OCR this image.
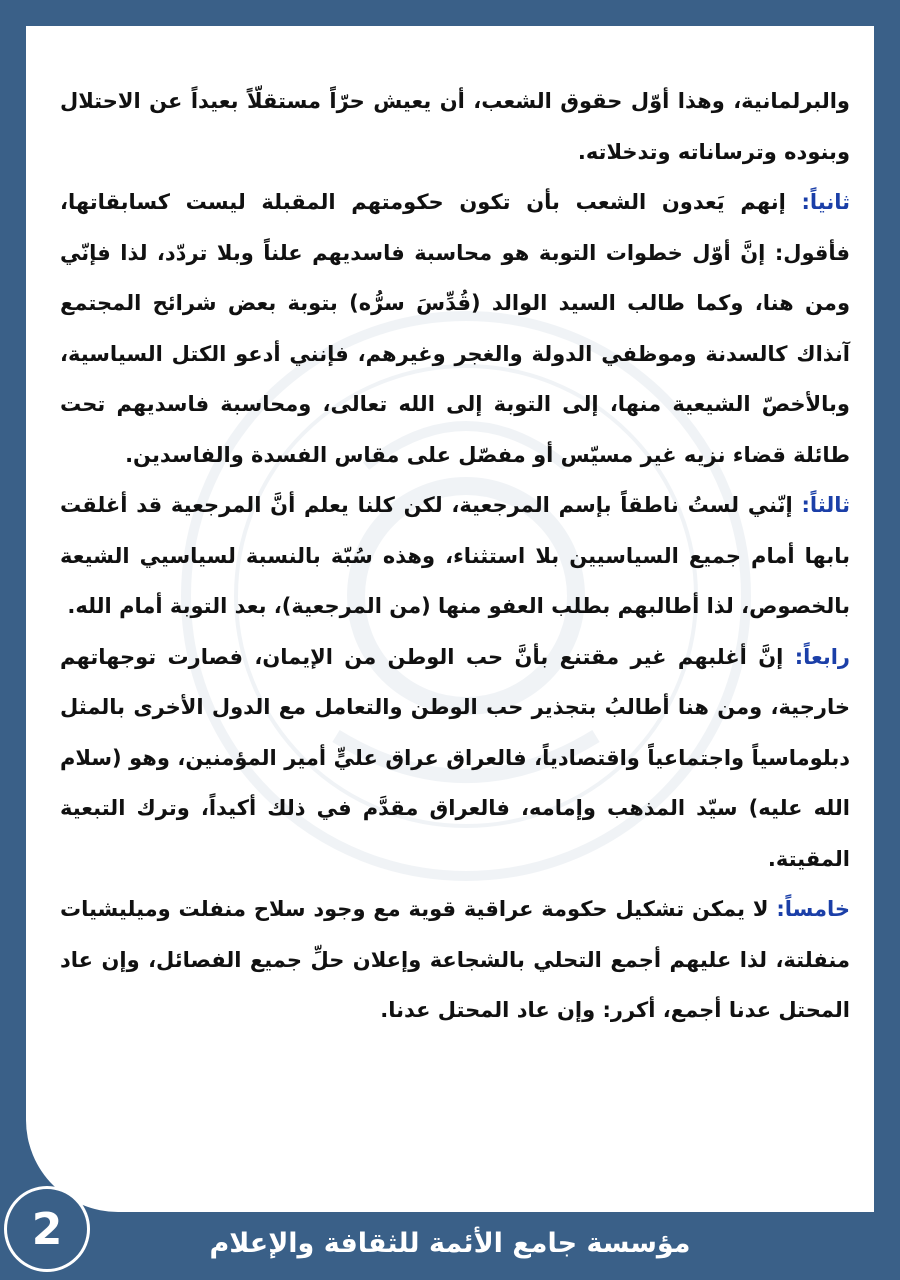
والبرلمانية، وهذا أوّل حقوق الشعب، أن يعيش حرّاً مستقلّاً بعيداً عن الاحتلال وبنوده وترساناته وتدخلاته.

ثانياً: إنهم يَعدون الشعب بأن تكون حكومتهم المقبلة ليست كسابقاتها، فأقول: إنَّ أوّل خطوات التوبة هو محاسبة فاسديهم علناً وبلا تردّد، لذا فإنّي ومن هنا، وكما طالب السيد الوالد (قُدِّسَ سرُّه) بتوبة بعض شرائح المجتمع آنذاك كالسدنة وموظفي الدولة والغجر وغيرهم، فإنني أدعو الكتل السياسية، وبالأخصّ الشيعية منها، إلى التوبة إلى الله تعالى، ومحاسبة فاسديهم تحت طائلة قضاء نزيه غير مسيّس أو مفصّل على مقاس الفسدة والفاسدين.

ثالثاً: إنّني لستُ ناطقاً بإسم المرجعية، لكن كلنا يعلم أنَّ المرجعية قد أغلقت بابها أمام جميع السياسيين بلا استثناء، وهذه سُبّة بالنسبة لسياسيي الشيعة بالخصوص، لذا أطالبهم بطلب العفو منها (من المرجعية)، بعد التوبة أمام الله.

رابعاً: إنَّ أغلبهم غير مقتنع بأنَّ حب الوطن من الإيمان، فصارت توجهاتهم خارجية، ومن هنا أطالبُ بتجذير حب الوطن والتعامل مع الدول الأخرى بالمثل دبلوماسياً واجتماعياً واقتصادياً، فالعراق عراق عليٍّ أمير المؤمنين، وهو (سلام الله عليه) سيّد المذهب وإمامه، فالعراق مقدَّم في ذلك أكيداً، وترك التبعية المقيتة.

خامساً: لا يمكن تشكيل حكومة عراقية قوية مع وجود سلاح منفلت وميليشيات منفلتة، لذا عليهم أجمع التحلي بالشجاعة وإعلان حلِّ جميع الفصائل، وإن عاد المحتل عدنا أجمع، أكرر: وإن عاد المحتل عدنا.

2	مؤسسة جامع الأئمة للثقافة والإعلام
